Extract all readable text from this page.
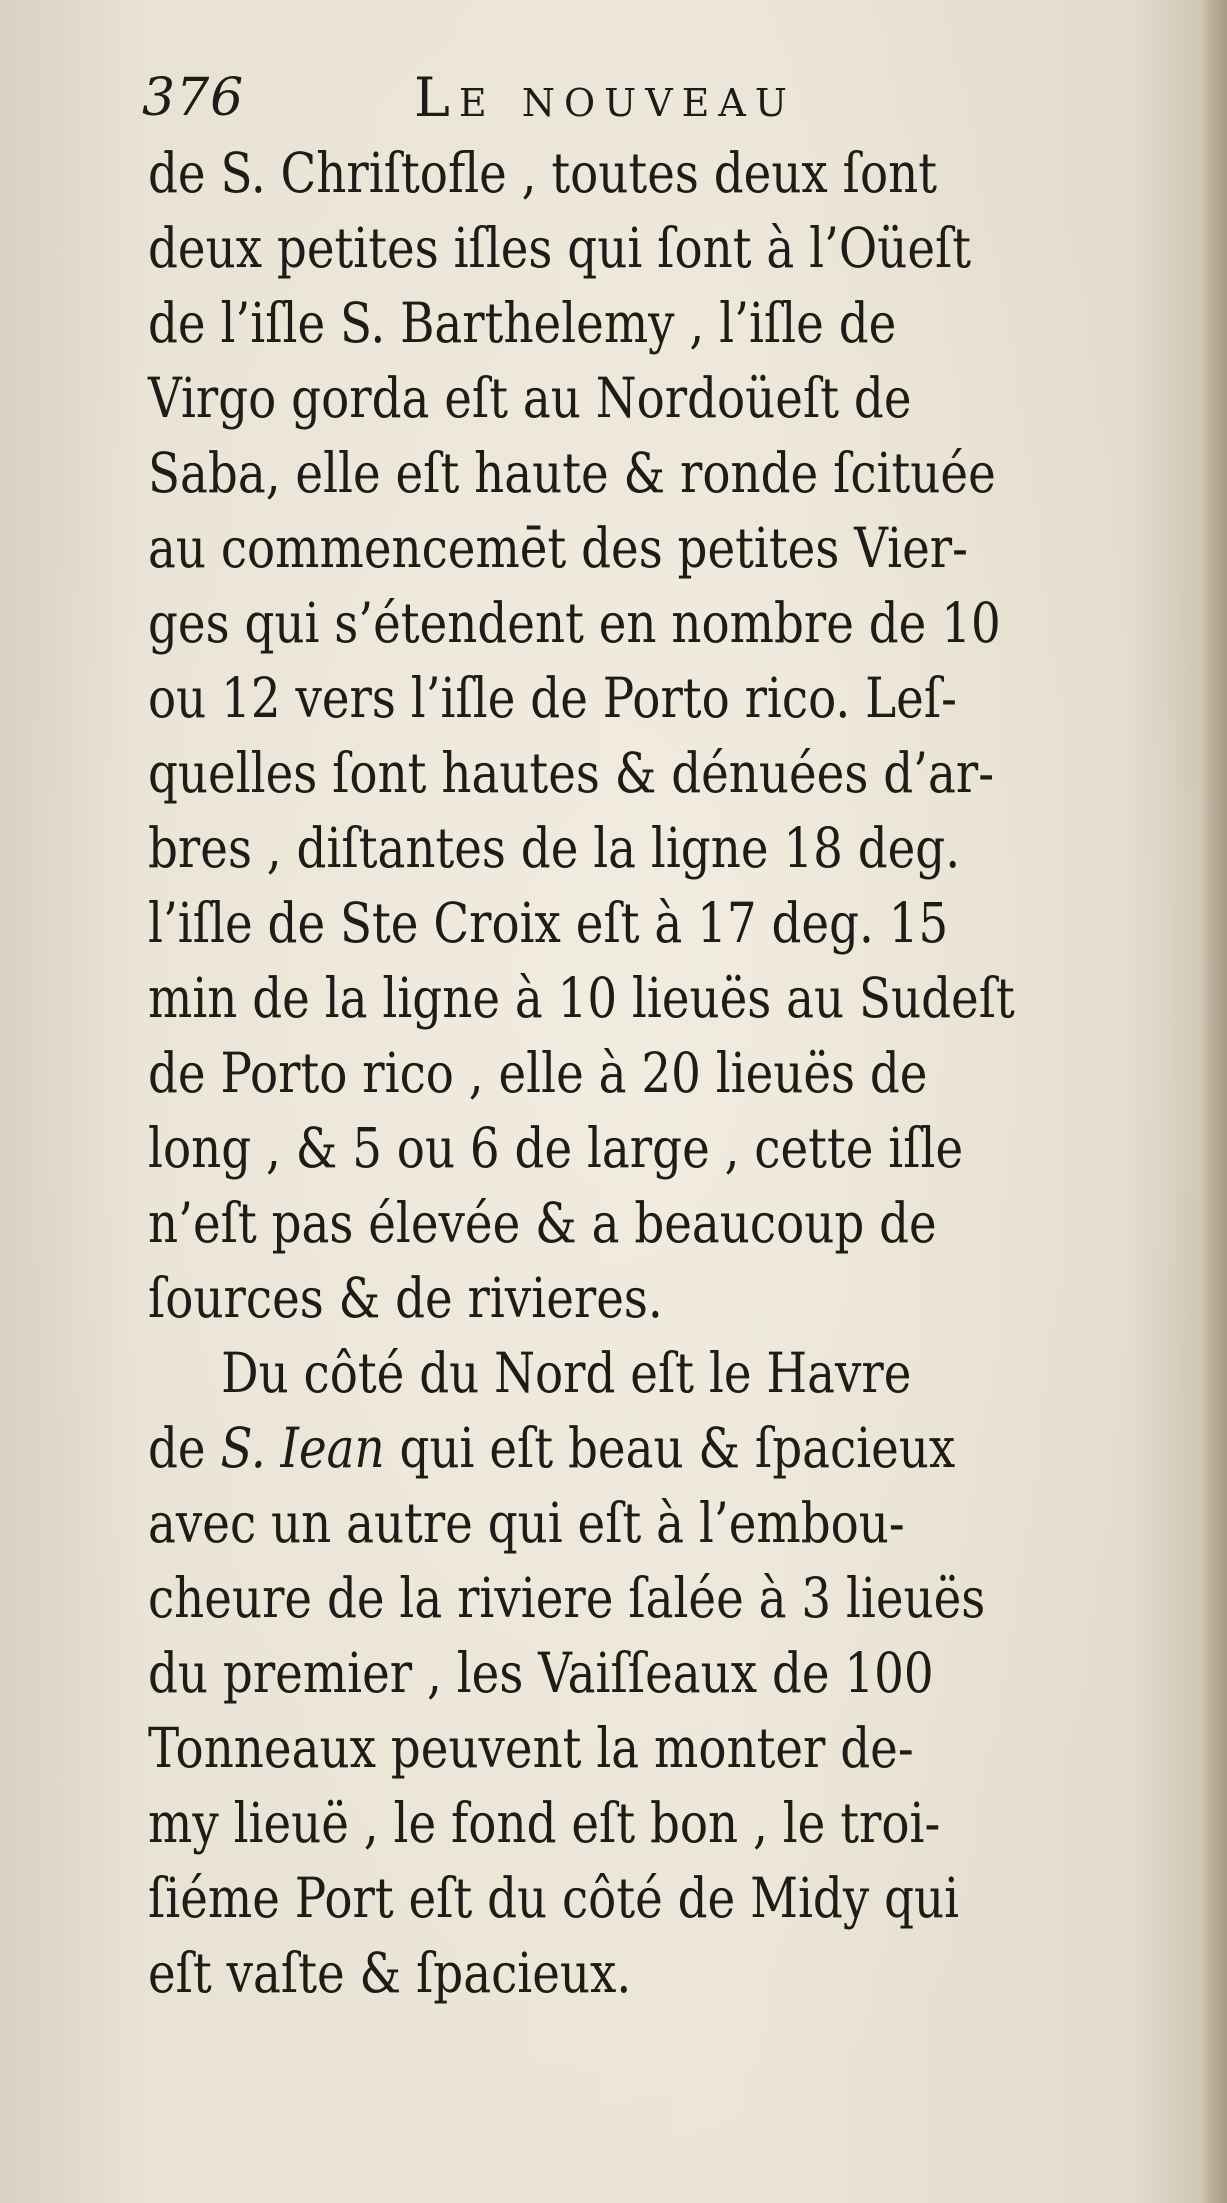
376	Le nouveau
de S. Chriſtofle , toutes deux ſont
deux petites iſles qui ſont à l’Oüeſt
de l’iſle S. Barthelemy , l’iſle de
Virgo gorda eſt au Nordoüeſt de
Saba, elle eſt haute & ronde ſcituée
au commencemēt des petites Vier-
ges qui s’étendent en nombre de 10
ou 12 vers l’iſle de Porto rico. Leſ-
quelles ſont hautes & dénuées d’ar-
bres , diſtantes de la ligne 18 deg.
l’iſle de Ste Croix eſt à 17 deg. 15
min de la ligne à 10 lieuës au Sudeſt
de Porto rico , elle à 20 lieuës de
long , & 5 ou 6 de large , cette iſle
n’eſt pas élevée & a beaucoup de
ſources & de rivieres.
Du côté du Nord eſt le Havre
de S. Iean qui eſt beau & ſpacieux
avec un autre qui eſt à l’embou-
cheure de la riviere ſalée à 3 lieuës
du premier , les Vaiſſeaux de 100
Tonneaux peuvent la monter de-
my lieuë , le fond eſt bon , le troi-
ſiéme Port eſt du côté de Midy qui
eſt vaſte & ſpacieux.
